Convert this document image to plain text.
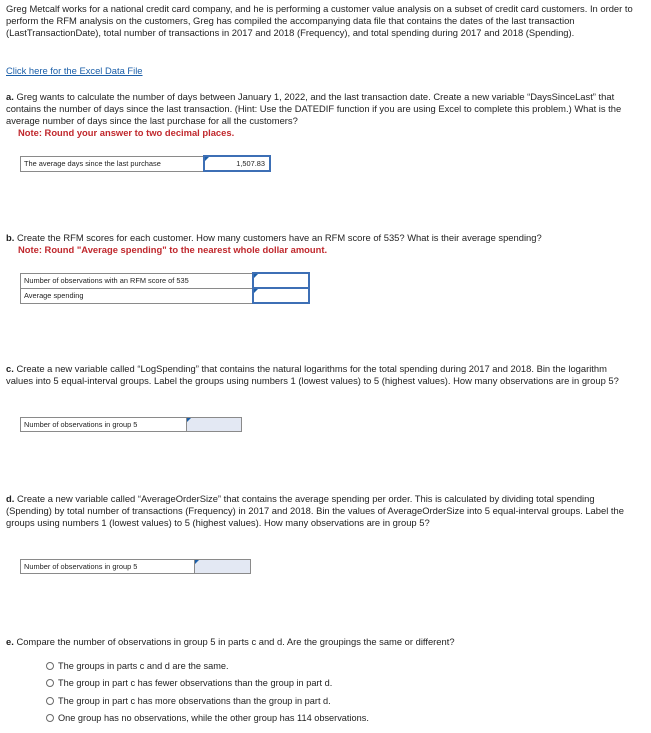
Greg Metcalf works for a national credit card company, and he is performing a customer value analysis on a subset of credit card customers. In order to perform the RFM analysis on the customers, Greg has compiled the accompanying data file that contains the dates of the last transaction (LastTransactionDate), total number of transactions in 2017 and 2018 (Frequency), and total spending during 2017 and 2018 (Spending).
Click here for the Excel Data File
a. Greg wants to calculate the number of days between January 1, 2022, and the last transaction date. Create a new variable “DaysSinceLast” that contains the number of days since the last transaction. (Hint: Use the DATEDIF function if you are using Excel to complete this problem.) What is the average number of days since the last purchase for all the customers?
Note: Round your answer to two decimal places.
The average days since the last purchase	1,507.83
b. Create the RFM scores for each customer. How many customers have an RFM score of 535? What is their average spending?
Note: Round "Average spending" to the nearest whole dollar amount.
Number of observations with an RFM score of 535	

Average spending	
c. Create a new variable called “LogSpending” that contains the natural logarithms for the total spending during 2017 and 2018. Bin the logarithm values into 5 equal-interval groups. Label the groups using numbers 1 (lowest values) to 5 (highest values). How many observations are in group 5?
Number of observations in group 5	
d. Create a new variable called “AverageOrderSize” that contains the average spending per order. This is calculated by dividing total spending (Spending) by total number of transactions (Frequency) in 2017 and 2018. Bin the values of AverageOrderSize into 5 equal-interval groups. Label the groups using numbers 1 (lowest values) to 5 (highest values). How many observations are in group 5?
Number of observations in group 5	
e. Compare the number of observations in group 5 in parts c and d. Are the groupings the same or different?
The groups in parts c and d are the same.
The group in part c has fewer observations than the group in part d.
The group in part c has more observations than the group in part d.
One group has no observations, while the other group has 114 observations.
